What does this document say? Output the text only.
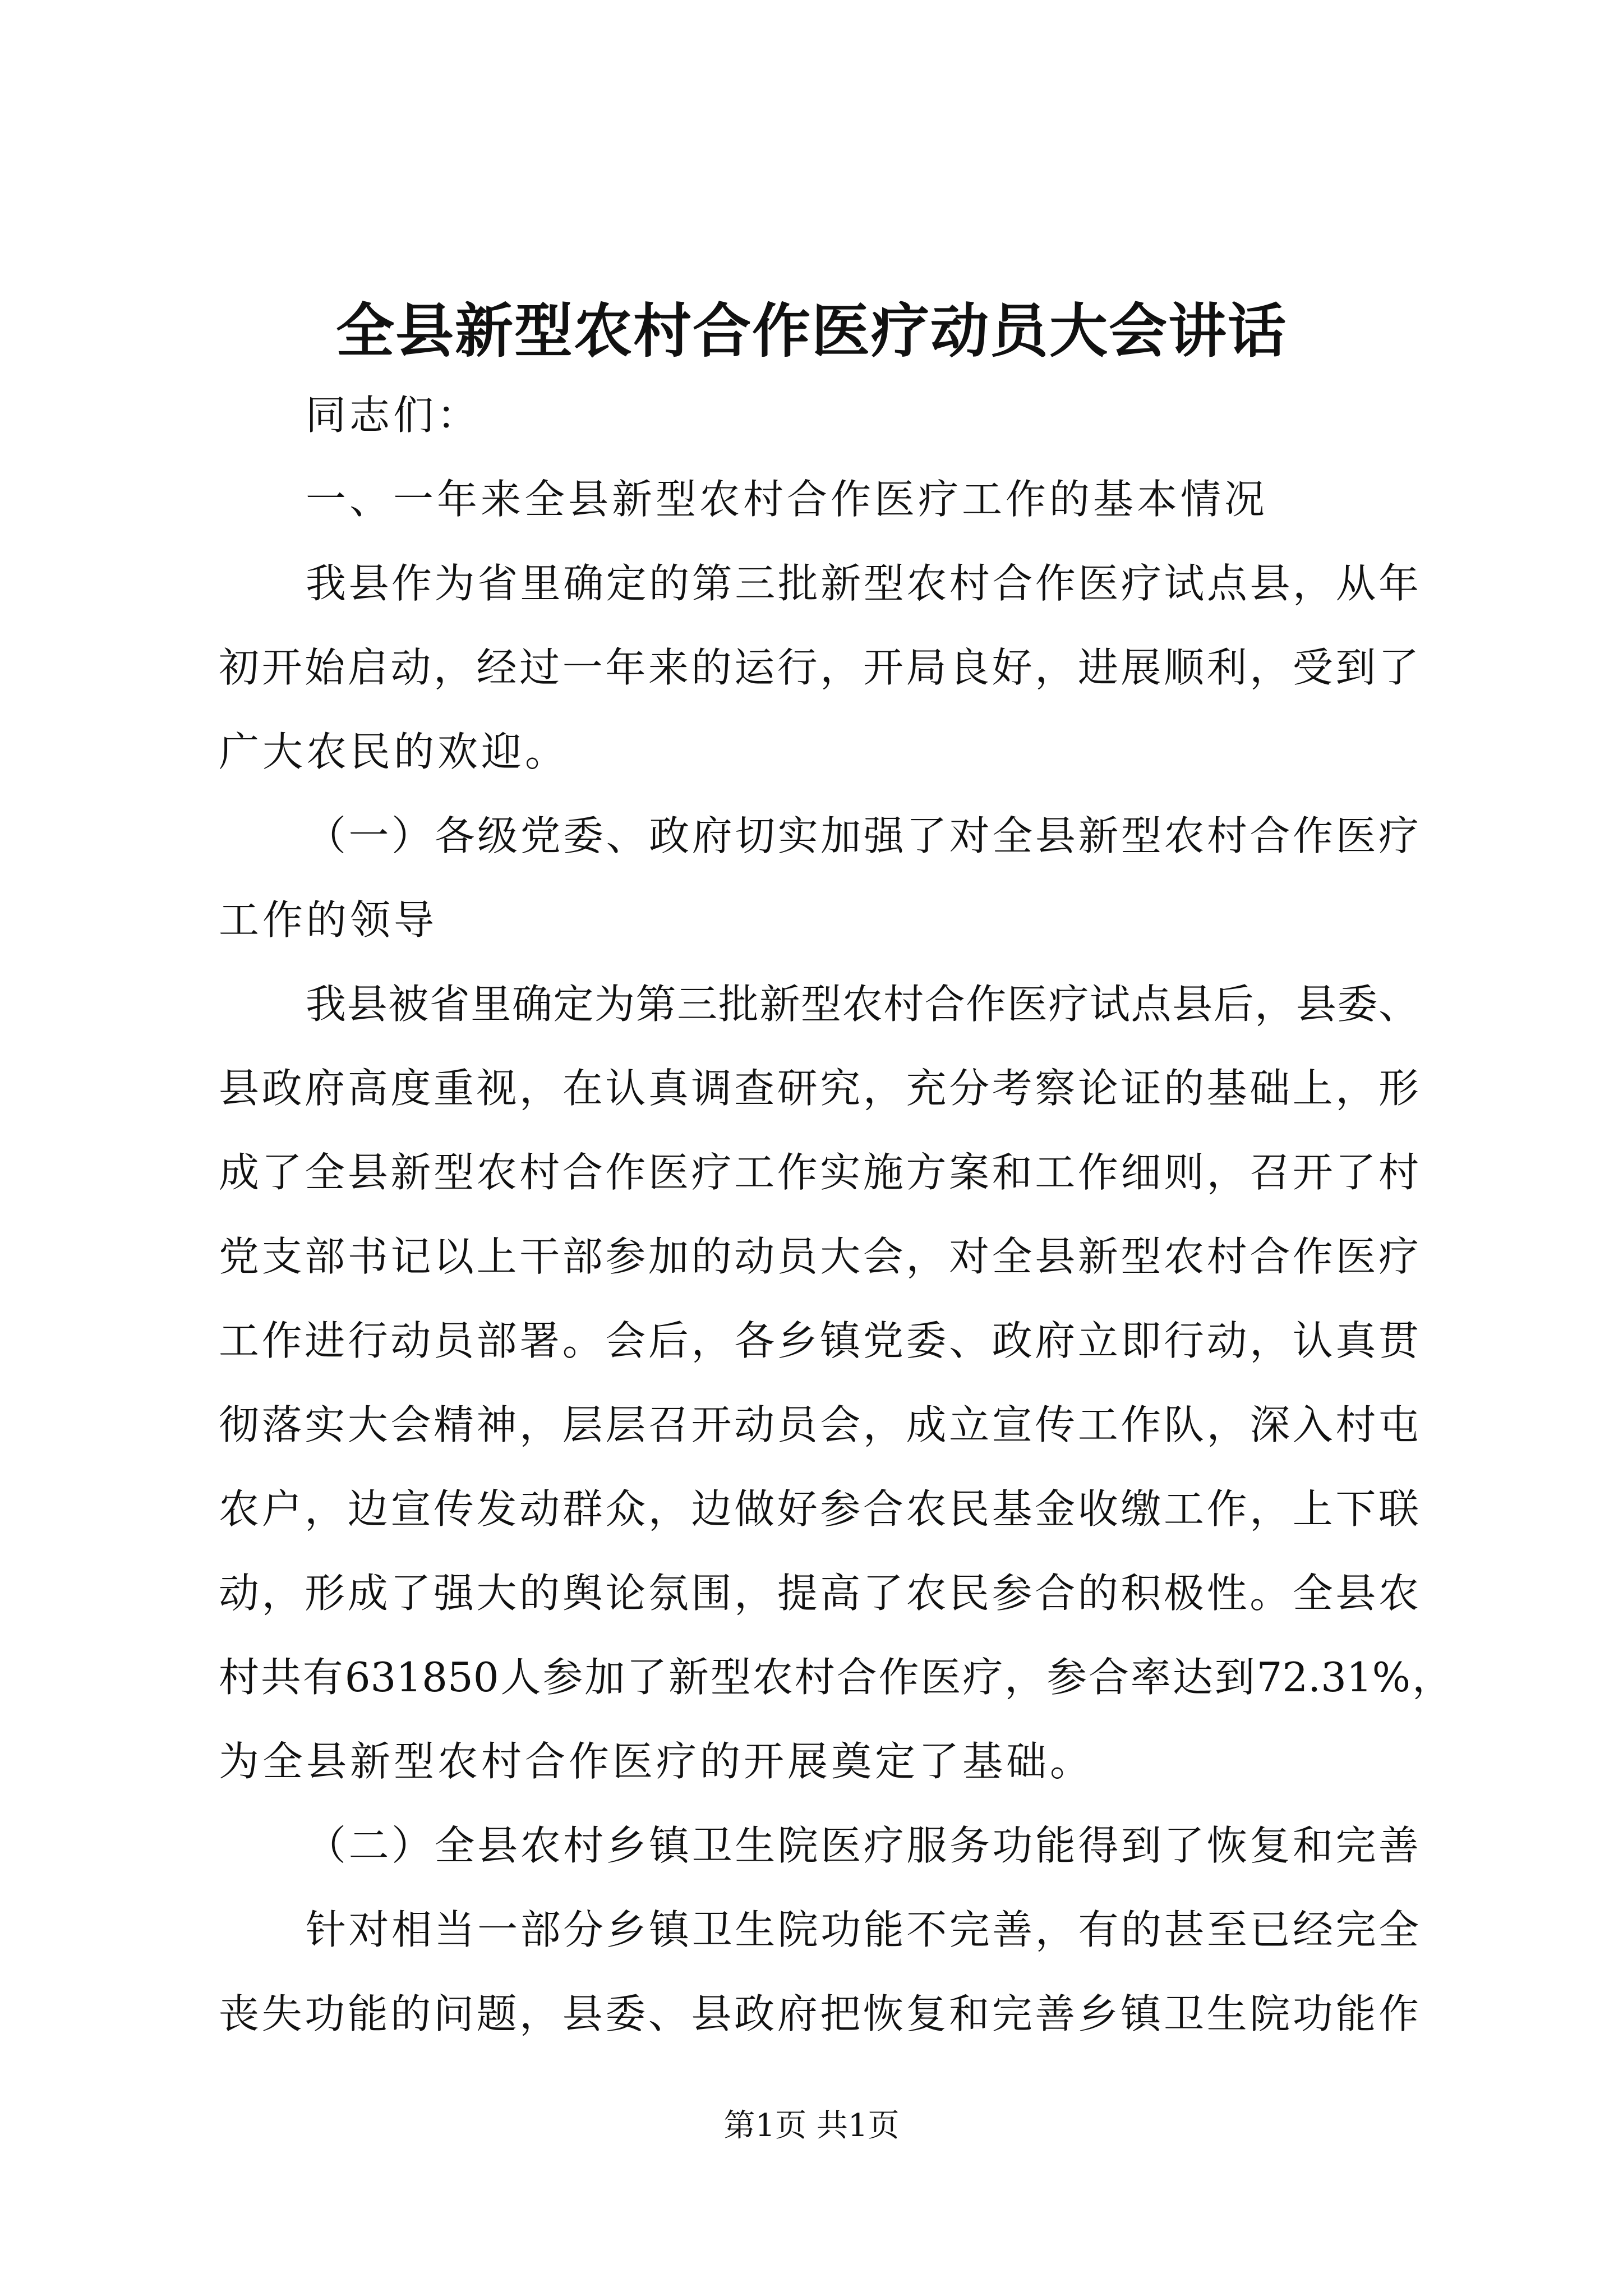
全县新型农村合作医疗动员大会讲话
同志们：
一、一年来全县新型农村合作医疗工作的基本情况
我县作为省里确定的第三批新型农村合作医疗试点县，从年
初开始启动，经过一年来的运行，开局良好，进展顺利，受到了
广大农民的欢迎。
（一）各级党委、政府切实加强了对全县新型农村合作医疗
工作的领导
我县被省里确定为第三批新型农村合作医疗试点县后，县委、
县政府高度重视，在认真调查研究，充分考察论证的基础上，形
成了全县新型农村合作医疗工作实施方案和工作细则，召开了村
党支部书记以上干部参加的动员大会，对全县新型农村合作医疗
工作进行动员部署。会后，各乡镇党委、政府立即行动，认真贯
彻落实大会精神，层层召开动员会，成立宣传工作队，深入村屯
农户，边宣传发动群众，边做好参合农民基金收缴工作，上下联
动，形成了强大的舆论氛围，提高了农民参合的积极性。全县农
村共有631850人参加了新型农村合作医疗，参合率达到72.31%，
为全县新型农村合作医疗的开展奠定了基础。
（二）全县农村乡镇卫生院医疗服务功能得到了恢复和完善
针对相当一部分乡镇卫生院功能不完善，有的甚至已经完全
丧失功能的问题，县委、县政府把恢复和完善乡镇卫生院功能作
第1页 共1页
